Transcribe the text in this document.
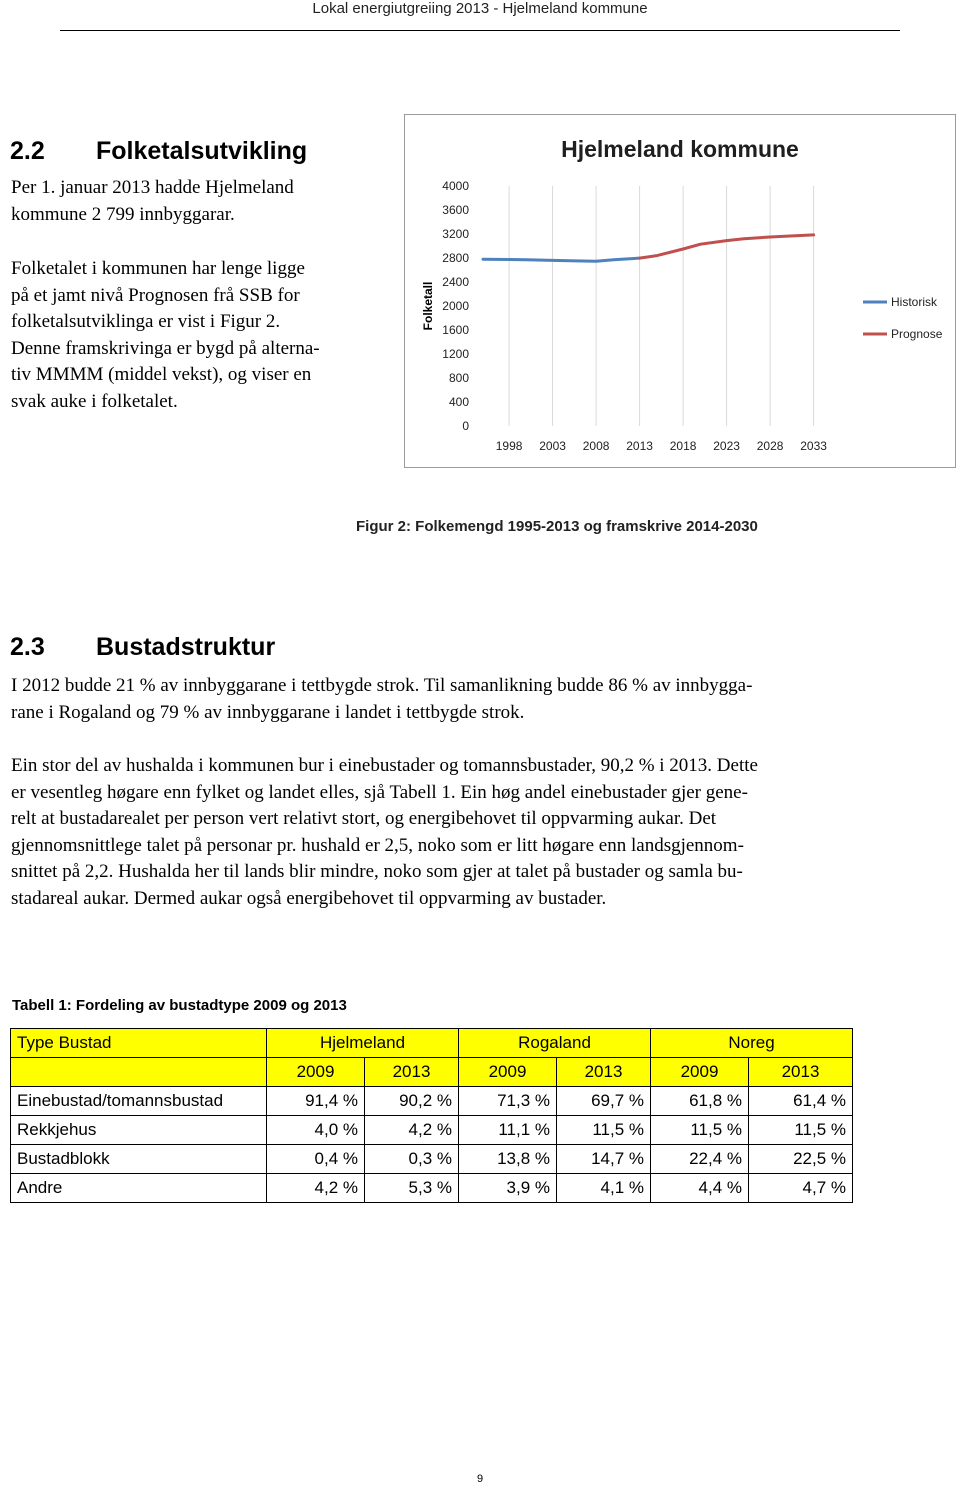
Lokal energiutgreiing 2013 - Hjelmeland kommune
2.2 Folketalsutvikling
Per 1. januar 2013 hadde Hjelmeland
kommune 2 799 innbyggarar.
Folketalet i kommunen har lenge ligge
på et jamt nivå Prognosen frå SSB for
folketalsutviklinga er vist i Figur 2.
Denne framskrivinga er bygd på alterna-
tiv MMMM (middel vekst), og viser en
svak auke i folketalet.
Hjelmeland kommune
Folketall
1998 2003 2008 2013 2018 2023 2028 2033
4000
3600
3200
2800
2400
2000
1600
1200
800
400
0
Historisk
Prognose
Figur 2: Folkemengd 1995-2013 og framskrive 2014-2030
2.3 Bustadstruktur
I 2012 budde 21 % av innbyggarane i tettbygde strok. Til samanlikning budde 86 % av innbygga-
rane i Rogaland og 79 % av innbyggarane i landet i tettbygde strok.
Ein stor del av hushalda i kommunen bur i einebustader og tomannsbustader, 90,2 % i 2013. Dette
er vesentleg høgare enn fylket og landet elles, sjå Tabell 1. Ein høg andel einebustader gjer gene-
relt at bustadarealet per person vert relativt stort, og energibehovet til oppvarming aukar. Det
gjennomsnittlege talet på personar pr. hushald er 2,5, noko som er litt høgare enn landsgjennom-
snittet på 2,2. Hushalda her til lands blir mindre, noko som gjer at talet på bustader og samla bu-
stadareal aukar. Dermed aukar også energibehovet til oppvarming av bustader.
Tabell 1: Fordeling av bustadtype 2009 og 2013
Type Bustad	Hjelmeland		Rogaland		Noreg	
	2009	2013	2009	2013	2009	2013
Einebustad/tomannsbustad	91,4 %	90,2 %	71,3 %	69,7 %	61,8 %	61,4 %
Rekkjehus	4,0 %	4,2 %	11,1 %	11,5 %	11,5 %	11,5 %
Bustadblokk	0,4 %	0,3 %	13,8 %	14,7 %	22,4 %	22,5 %
Andre	4,2 %	5,3 %	3,9 %	4,1 %	4,4 %	4,7 %
9
